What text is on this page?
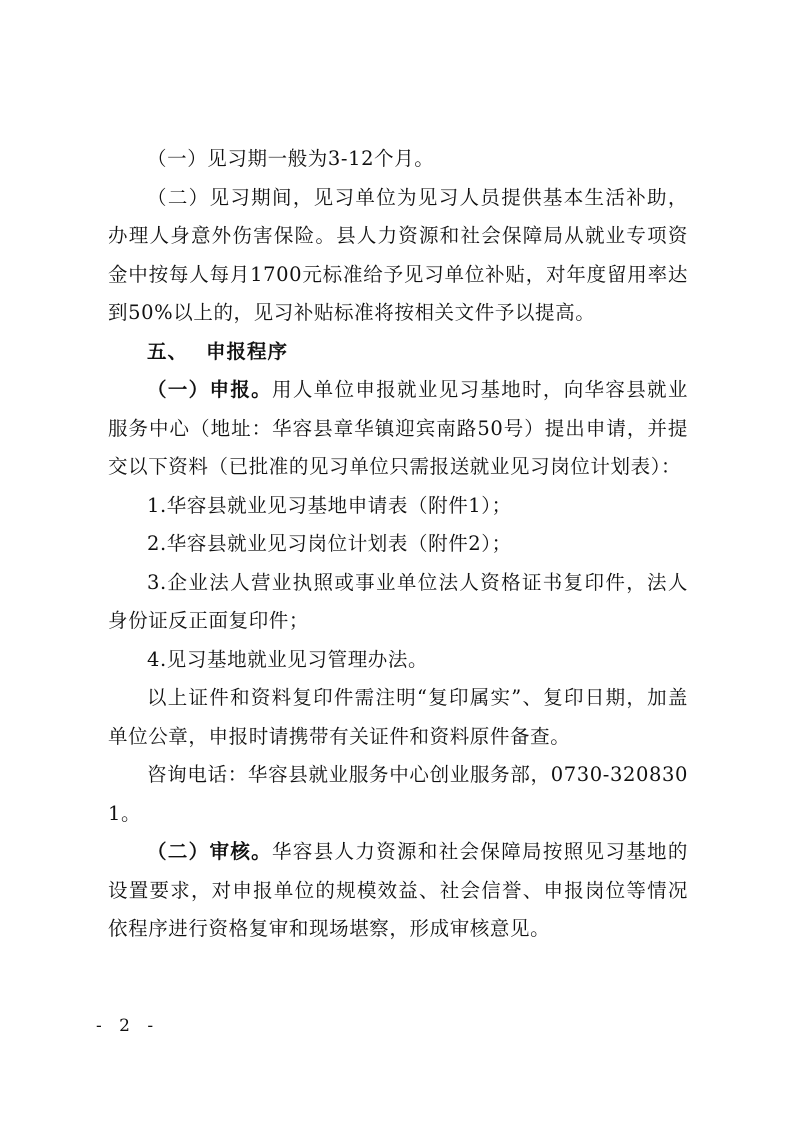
（一）见习期一般为3-12个月。

（二）见习期间，见习单位为见习人员提供基本生活补助，办理人身意外伤害保险。县人力资源和社会保障局从就业专项资金中按每人每月1700元标准给予见习单位补贴，对年度留用率达到50%以上的，见习补贴标准将按相关文件予以提高。

五、 申报程序

（一）申报。用人单位申报就业见习基地时，向华容县就业服务中心（地址：华容县章华镇迎宾南路50号）提出申请，并提交以下资料（已批准的见习单位只需报送就业见习岗位计划表）：

1.华容县就业见习基地申请表（附件1）；

2.华容县就业见习岗位计划表（附件2）；

3.企业法人营业执照或事业单位法人资格证书复印件，法人身份证反正面复印件；

4.见习基地就业见习管理办法。

以上证件和资料复印件需注明“复印属实”、复印日期，加盖单位公章，申报时请携带有关证件和资料原件备查。

咨询电话：华容县就业服务中心创业服务部，0730-3208301。

（二）审核。华容县人力资源和社会保障局按照见习基地的设置要求，对申报单位的规模效益、社会信誉、申报岗位等情况依程序进行资格复审和现场堪察，形成审核意见。

- 2 -
